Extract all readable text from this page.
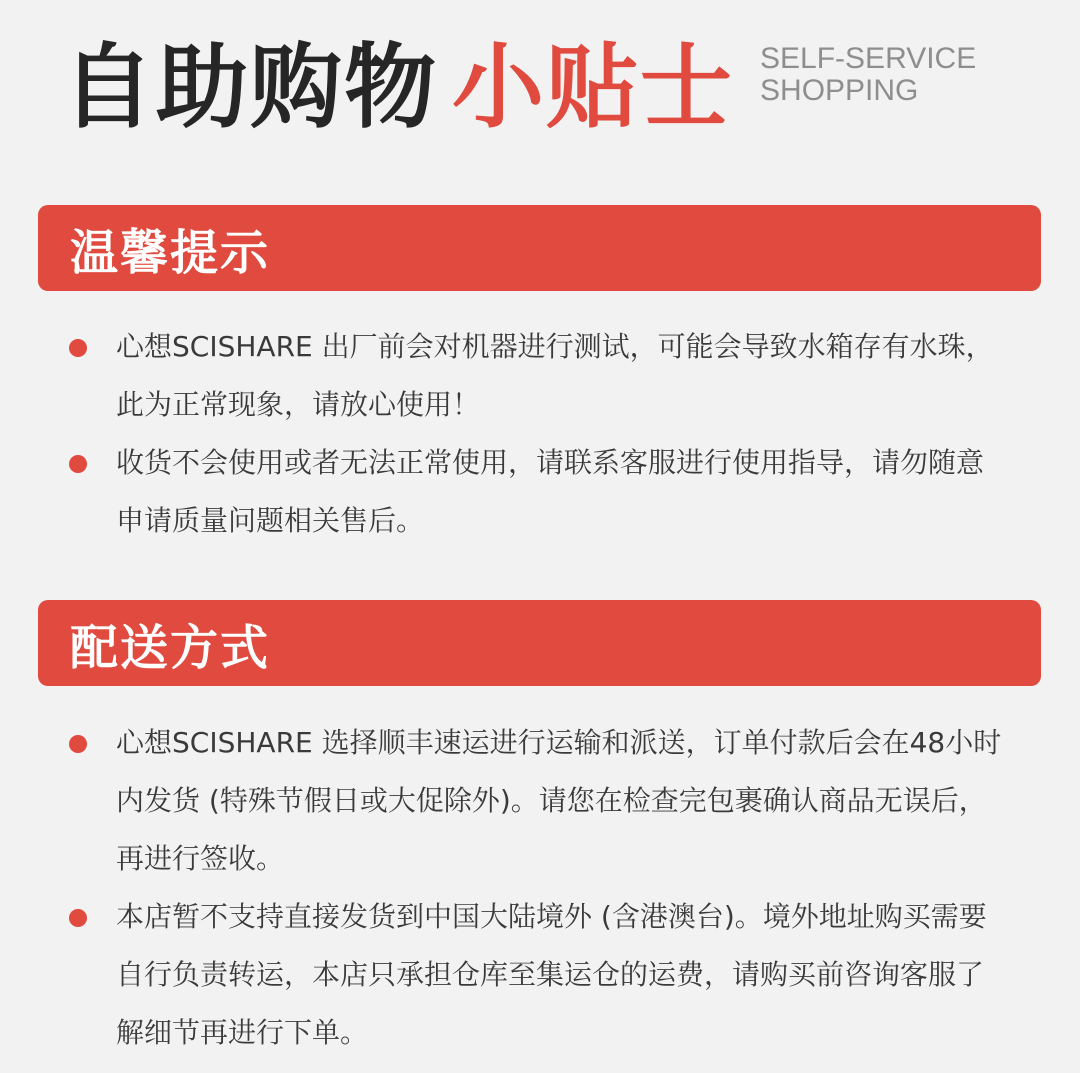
自助购物 小贴士 SELF-SERVICE
SHOPPING
温馨提示
心想SCISHARE 出厂前会对机器进行测试，可能会导致水箱存有水珠，此为正常现象，请放心使用！
收货不会使用或者无法正常使用，请联系客服进行使用指导，请勿随意申请质量问题相关售后。
配送方式
心想SCISHARE 选择顺丰速运进行运输和派送，订单付款后会在48小时内发货 (特殊节假日或大促除外)。请您在检查完包裹确认商品无误后，再进行签收。
本店暂不支持直接发货到中国大陆境外 (含港澳台)。境外地址购买需要自行负责转运，本店只承担仓库至集运仓的运费，请购买前咨询客服了解细节再进行下单。
